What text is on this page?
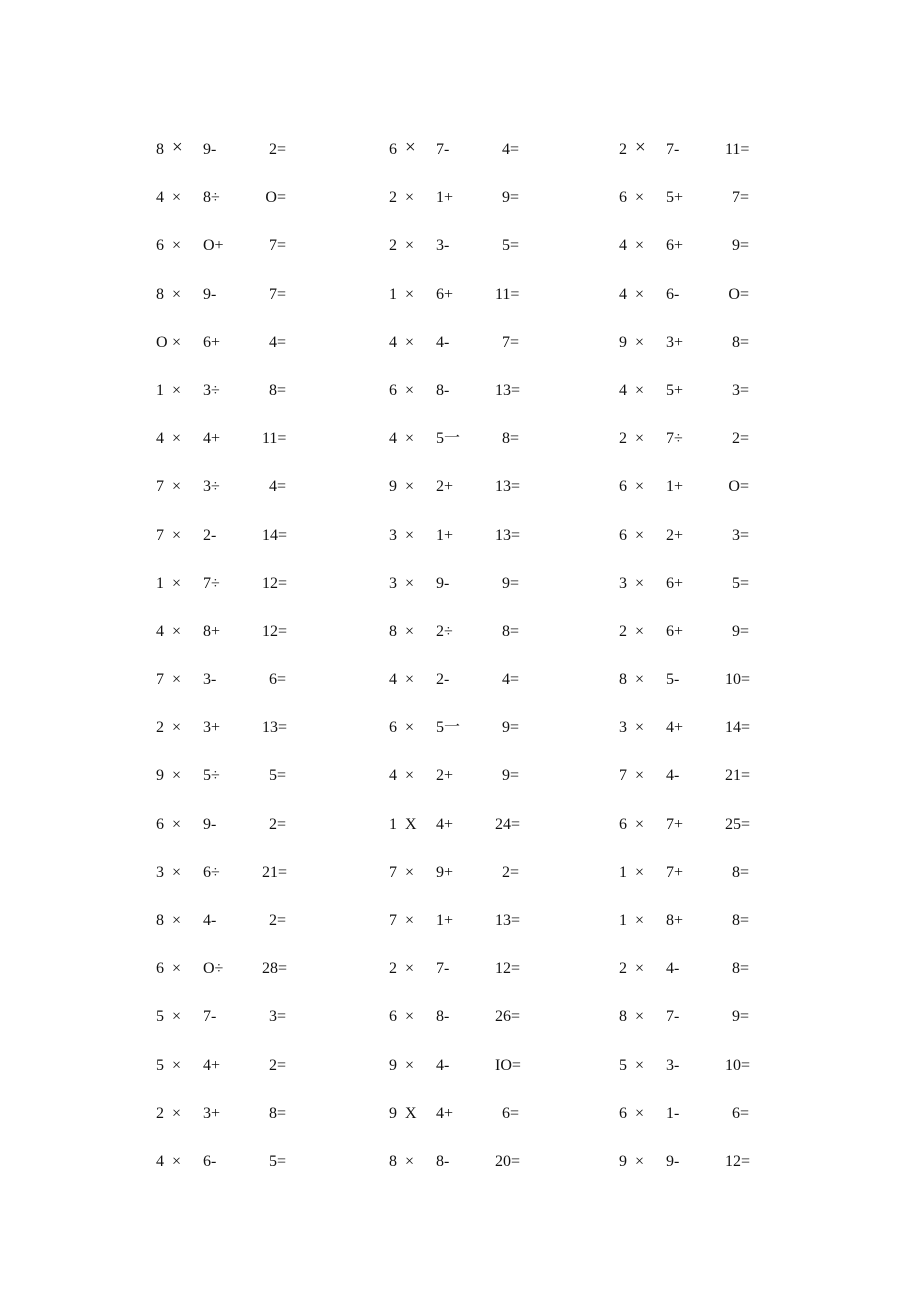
8 × 9-	2=	6 × 7-	4=	2 × 7-	11=
4 × 8÷	O=	2 × 1+	9=	6 × 5+	7=
6 × O+	7=	2 × 3-	5=	4 × 6+	9=
8 × 9-	7=	1 × 6+	11=	4 × 6-	O=
O × 6+	4=	4 × 4-	7=	9 × 3+	8=
1 × 3÷	8=	6 × 8-	13=	4 × 5+	3=
4 × 4+	11=	4 × 5一	8=	2 × 7÷	2=
7 × 3÷	4=	9 × 2+	13=	6 × 1+	O=
7 × 2-	14=	3 × 1+	13=	6 × 2+	3=
1 × 7÷	12=	3 × 9-	9=	3 × 6+	5=
4 × 8+	12=	8 × 2÷	8=	2 × 6+	9=
7 × 3-	6=	4 × 2-	4=	8 × 5-	10=
2 × 3+	13=	6 × 5一	9=	3 × 4+	14=
9 × 5÷	5=	4 × 2+	9=	7 × 4-	21=
6 × 9-	2=	1 X 4+	24=	6 × 7+	25=
3 × 6÷	21=	7 × 9+	2=	1 × 7+	8=
8 × 4-	2=	7 × 1+	13=	1 × 8+	8=
6 × O÷ 28=	2 × 7-	12=	2 × 4-	8=
5 × 7-	3=	6 × 8-	26=	8 × 7-	9=
5 × 4+	2=	9 × 4-	IO=	5 × 3-	10=
2 × 3+	8=	9 X 4+	6=	6 × 1-	6=
4 × 6-	5=	8 × 8-	20=	9 × 9-	12=
